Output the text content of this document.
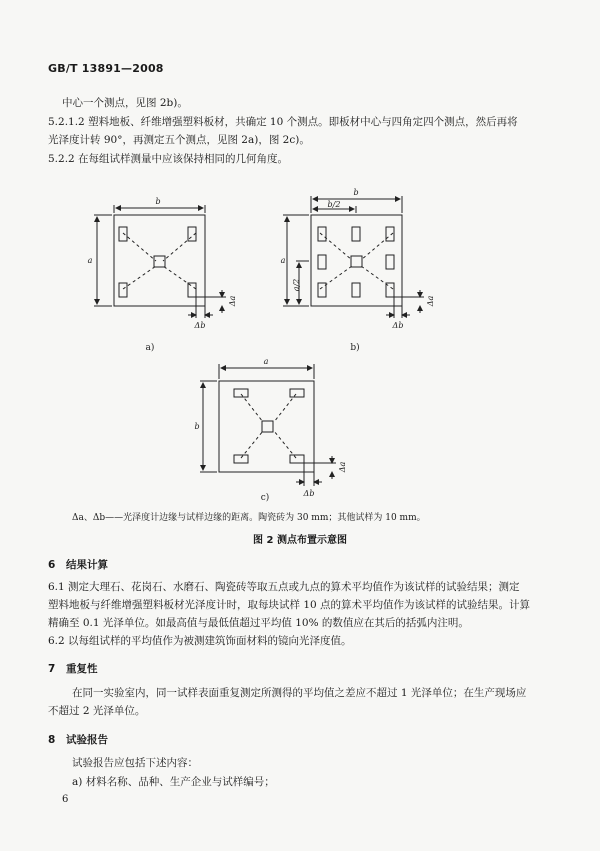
GB/T 13891—2008
中心一个测点，见图 2b)。
5.2.1.2 塑料地板、纤维增强塑料板材，共确定 10 个测点。即板材中心与四角定四个测点，然后再将
光泽度计转 90°，再测定五个测点，见图 2a)，图 2c)。
5.2.2 在每组试样测量中应该保持相同的几何角度。
b
a
Δa
Δb
b
b/2
a
a/2
Δa
Δb
a
b
Δa
Δb
a)	b)
c)
Δa、Δb——光泽度计边缘与试样边缘的距离。陶瓷砖为 30 mm；其他试样为 10 mm。
图 2 测点布置示意图
6 结果计算
6.1 测定大理石、花岗石、水磨石、陶瓷砖等取五点或九点的算术平均值作为该试样的试验结果；测定
塑料地板与纤维增强塑料板材光泽度计时，取每块试样 10 点的算术平均值作为该试样的试验结果。计算
精确至 0.1 光泽单位。如最高值与最低值超过平均值 10% 的数值应在其后的括弧内注明。
6.2 以每组试样的平均值作为被测建筑饰面材料的镜向光泽度值。
7 重复性
在同一实验室内，同一试样表面重复测定所测得的平均值之差应不超过 1 光泽单位；在生产现场应
不超过 2 光泽单位。
8 试验报告
试验报告应包括下述内容：
a) 材料名称、品种、生产企业与试样编号；
6
